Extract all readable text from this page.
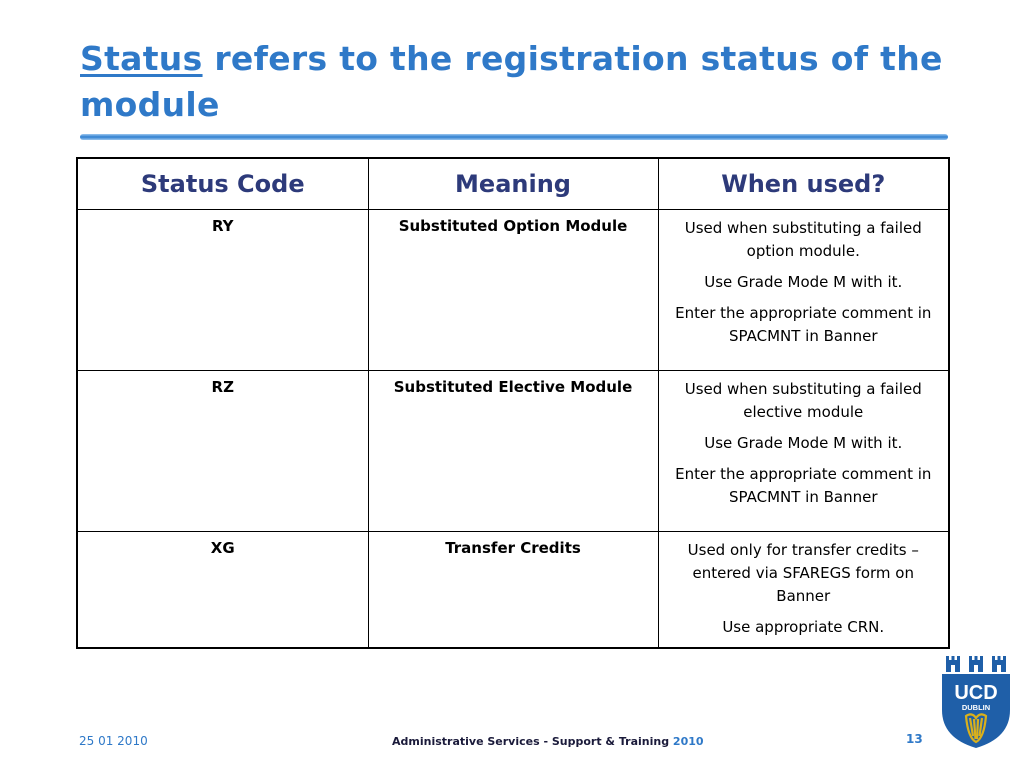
Status refers to the registration status of the module
Status Code	Meaning	When used?
RY	Substituted Option Module	Used when substituting a failed option module.

Use Grade Mode M with it.

Enter the appropriate comment in SPACMNT in Banner

RZ	Substituted Elective Module	Used when substituting a failed elective module

Use Grade Mode M with it.

Enter the appropriate comment in SPACMNT in Banner

XG	Transfer Credits	Used only for transfer credits – entered via SFAREGS form on Banner

Use appropriate CRN.

25 01 2010	Administrative Services - Support & Training 2010	13
UCD
DUBLIN
